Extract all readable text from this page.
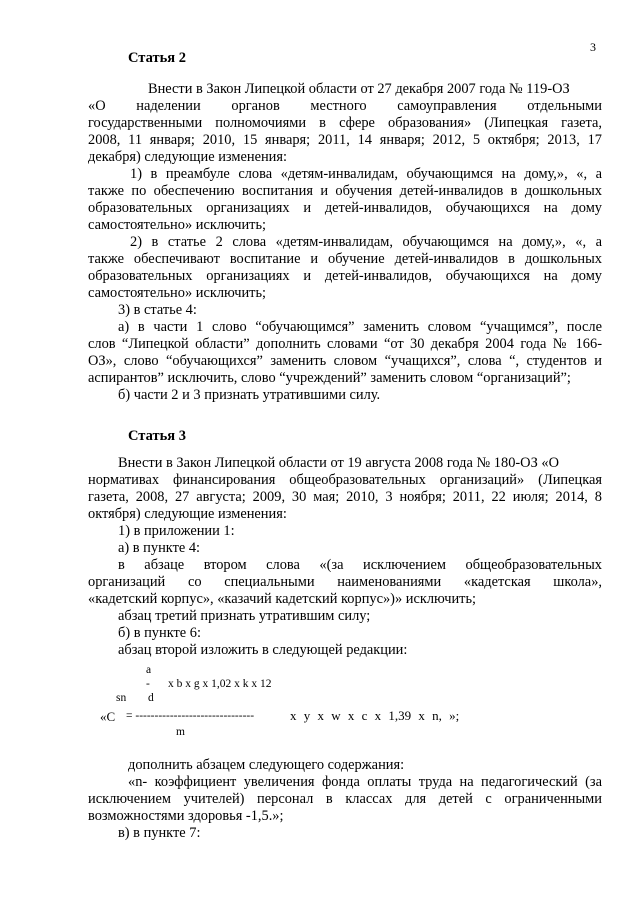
3
Статья 2
Внести в Закон Липецкой области от 27 декабря 2007 года № 119-ОЗ
«О наделении органов местного самоуправления отдельными
государственными полномочиями в сфере образования» (Липецкая газета,
2008, 11 января; 2010, 15 января; 2011, 14 января; 2012, 5 октября; 2013, 17
декабря) следующие изменения:
1) в преамбуле слова «детям-инвалидам, обучающимся на дому,», «, а
также по обеспечению воспитания и обучения детей-инвалидов в дошкольных
образовательных организациях и детей-инвалидов, обучающихся на дому
самостоятельно» исключить;
2) в статье 2 слова «детям-инвалидам, обучающимся на дому,», «, а
также обеспечивают воспитание и обучение детей-инвалидов в дошкольных
образовательных организациях и детей-инвалидов, обучающихся на дому
самостоятельно» исключить;
3) в статье 4:
а) в части 1 слово “обучающимся” заменить словом “учащимся”, после
слов “Липецкой области” дополнить словами “от 30 декабря 2004 года № 166-
ОЗ», слово “обучающихся” заменить словом “учащихся”, слова “, студентов и
аспирантов” исключить, слово “учреждений” заменить словом “организаций”;
б) части 2 и 3 признать утратившими силу.
Статья 3
Внести в Закон Липецкой области от 19 августа 2008 года № 180-ОЗ «О
нормативах финансирования общеобразовательных организаций» (Липецкая
газета, 2008, 27 августа; 2009, 30 мая; 2010, 3 ноября; 2011, 22 июля; 2014, 8
октября) следующие изменения:
1) в приложении 1:
а) в пункте 4:
в абзаце втором слова «(за исключением общеобразовательных
организаций со специальными наименованиями «кадетская школа»,
«кадетский корпус», «казачий кадетский корпус»)» исключить;
абзац третий признать утратившим силу;
б) в пункте 6:
абзац второй изложить в следующей редакции:
a
- x b x g x 1,02 x k x 12
sn d
«C = -------------------------------	x y x w x c x 1,39 x n, »;
m
дополнить абзацем следующего содержания:
«n- коэффициент увеличения фонда оплаты труда на педагогический (за
исключением учителей) персонал в классах для детей с ограниченными
возможностями здоровья -1,5.»;
в) в пункте 7:
